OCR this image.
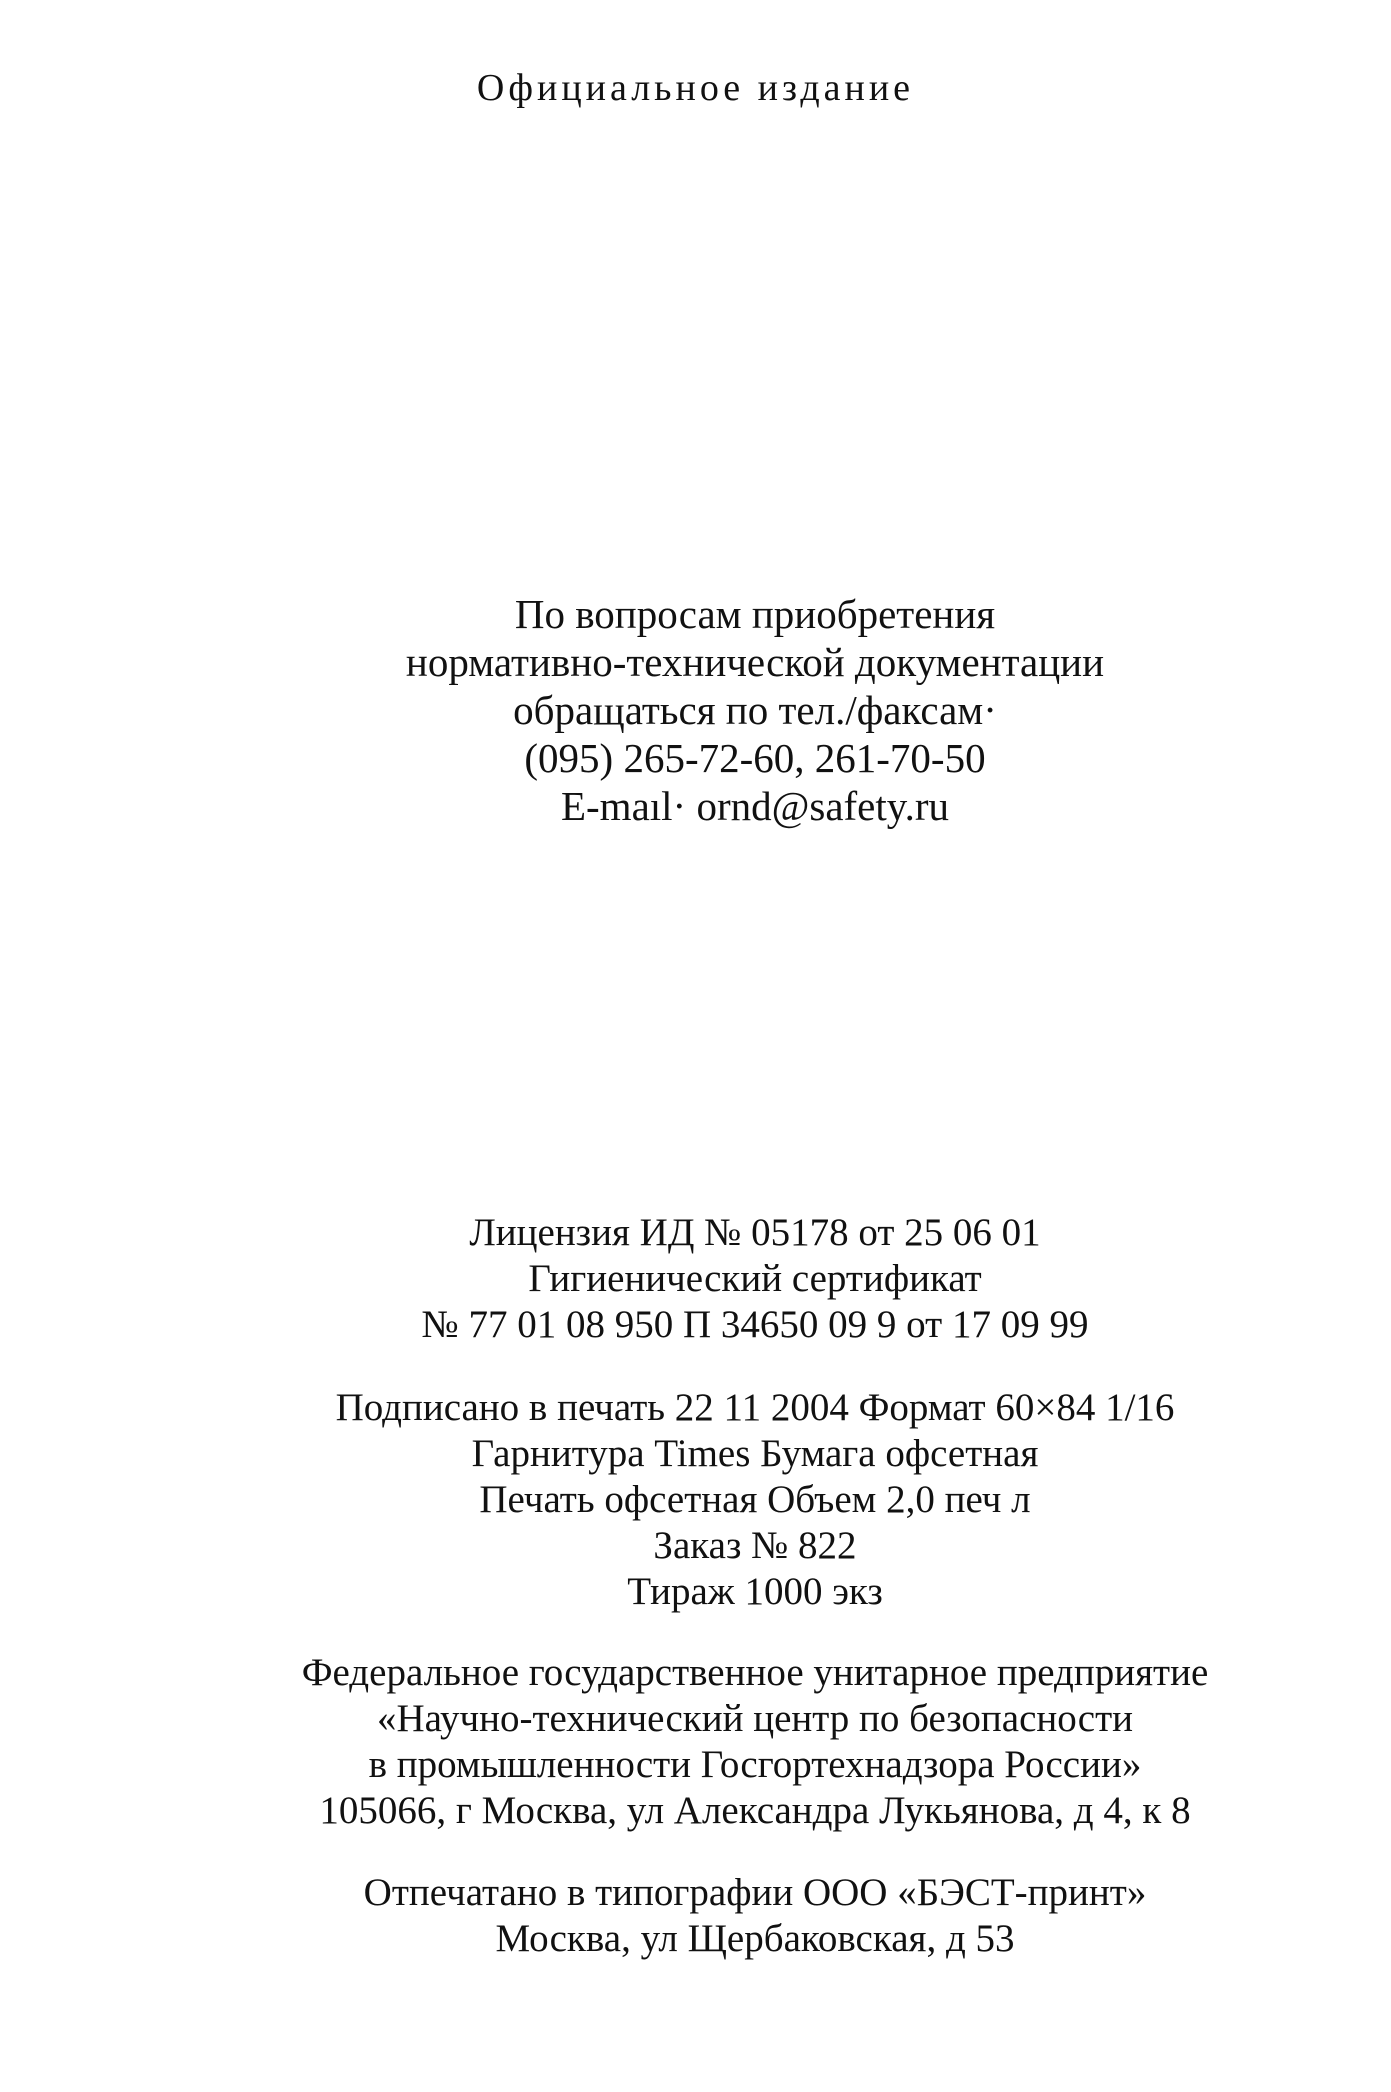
Официальное издание
По вопросам приобретения
нормативно-технической документации
обращаться по тел./факсам·
(095) 265-72-60, 261-70-50
E-maıl· ornd@safety.ru
Лицензия ИД № 05178 от 25 06 01
Гигиенический сертификат
№ 77 01 08 950 П 34650 09 9 от 17 09 99
Подписано в печать 22 11 2004 Формат 60×84 1/16
Гарнитура Times Бумага офсетная
Печать офсетная Объем 2,0 печ л
Заказ № 822
Тираж 1000 экз
Федеральное государственное унитарное предприятие
«Научно-технический центр по безопасности
в промышленности Госгортехнадзора России»
105066, г Москва, ул Александра Лукьянова, д 4, к 8
Отпечатано в типографии ООО «БЭСТ-принт»
Москва, ул Щербаковская, д 53
